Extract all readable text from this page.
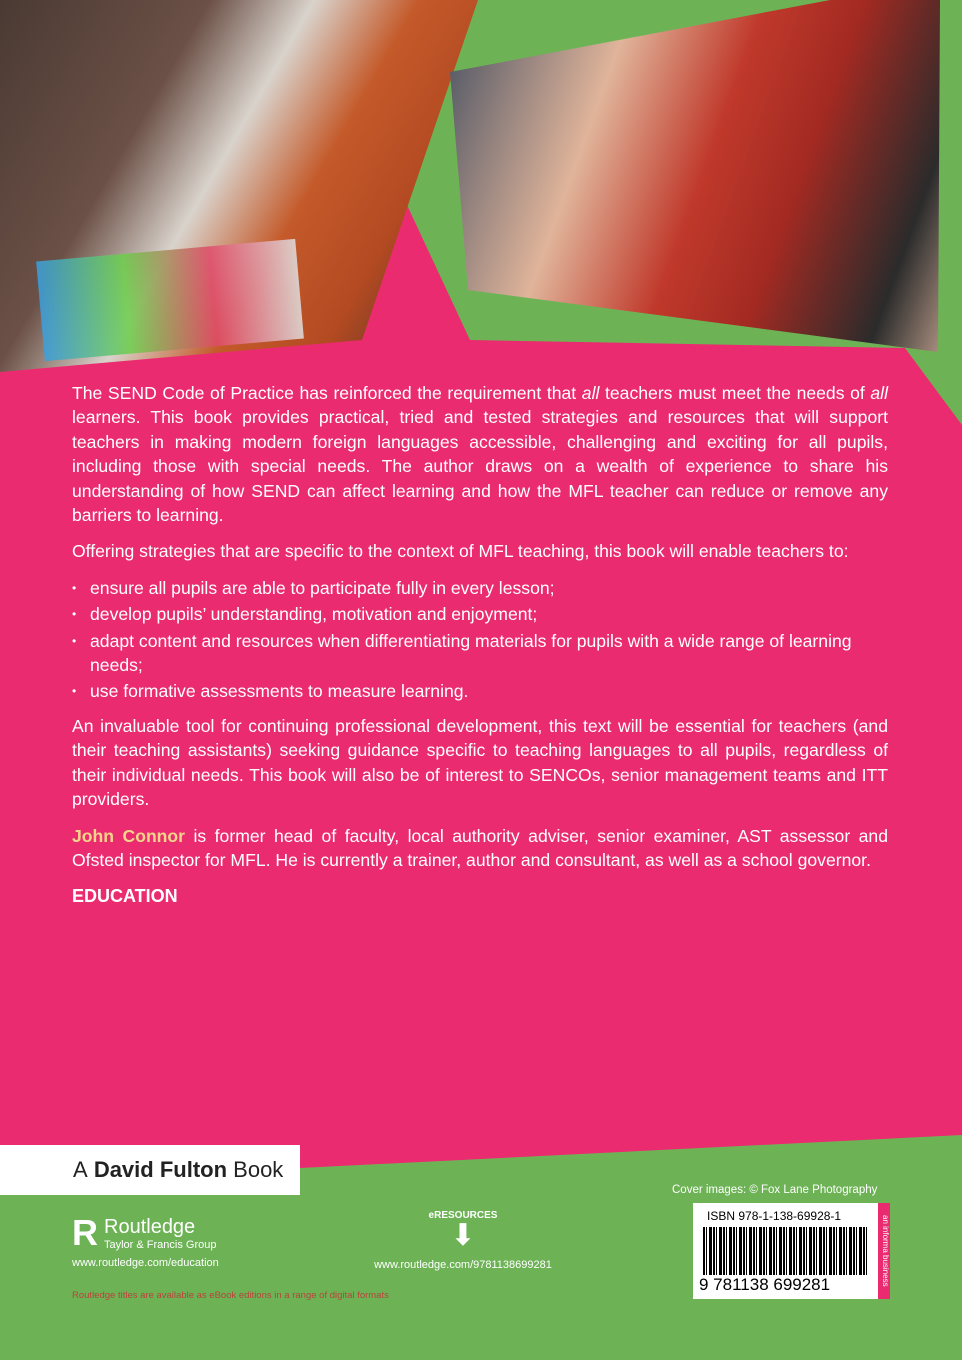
The SEND Code of Practice has reinforced the requirement that all teachers must meet the needs of all learners. This book provides practical, tried and tested strategies and resources that will support teachers in making modern foreign languages accessible, challenging and exciting for all pupils, including those with special needs. The author draws on a wealth of experience to share his understanding of how SEND can affect learning and how the MFL teacher can reduce or remove any barriers to learning.

Offering strategies that are specific to the context of MFL teaching, this book will enable teachers to:

• ensure all pupils are able to participate fully in every lesson;
• develop pupils’ understanding, motivation and enjoyment;
• adapt content and resources when differentiating materials for pupils with a wide range of learning needs;
• use formative assessments to measure learning.

An invaluable tool for continuing professional development, this text will be essential for teachers (and their teaching assistants) seeking guidance specific to teaching languages to all pupils, regardless of their individual needs. This book will also be of interest to SENCOs, senior management teams and ITT providers.

John Connor is former head of faculty, local authority adviser, senior examiner, AST assessor and Ofsted inspector for MFL. He is currently a trainer, author and consultant, as well as a school governor.

EDUCATION
A
David Fulton
Book
R Routledge
Taylor & Francis Group
www.routledge.com/education
Routledge titles are available as eBook editions in a range of digital formats
eRESOURCES
⬇
www.routledge.com/9781138699281
Cover images: © Fox Lane Photography
ISBN 978-1-138-69928-1
9 781138 699281	an informa business
